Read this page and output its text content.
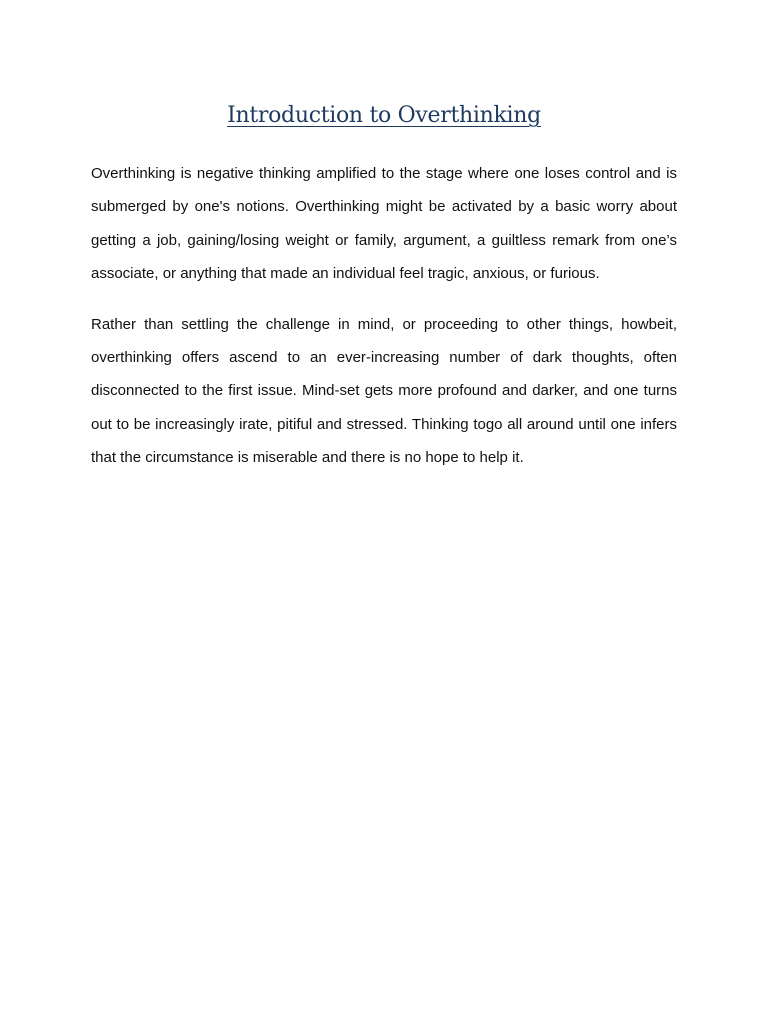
Introduction to Overthinking

Overthinking is negative thinking amplified to the stage where one loses control and is submerged by one's notions. Overthinking might be activated by a basic worry about getting a job, gaining/losing weight or family, argument, a guiltless remark from one’s associate, or anything that made an individual feel tragic, anxious, or furious.

Rather than settling the challenge in mind, or proceeding to other things, howbeit, overthinking offers ascend to an ever-increasing number of dark thoughts, often disconnected to the first issue. Mind-set gets more profound and darker, and one turns out to be increasingly irate, pitiful and stressed. Thinking togo all around until one infers that the circumstance is miserable and there is no hope to help it.
